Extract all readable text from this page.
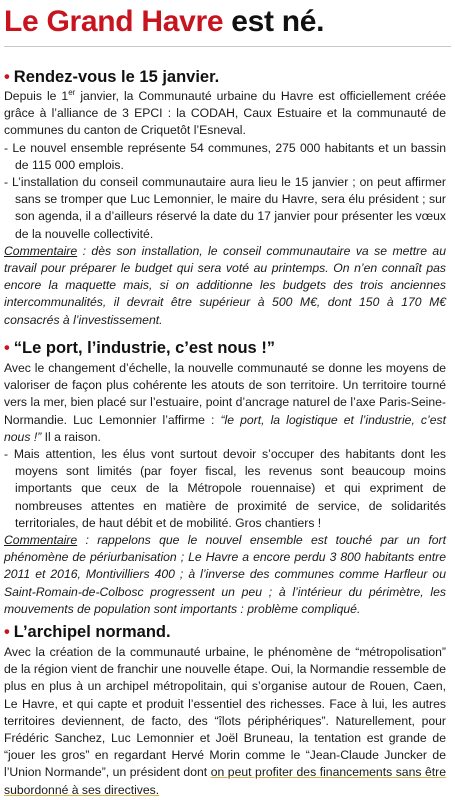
Le Grand Havre est né.
• Rendez-vous le 15 janvier.

Depuis le 1er janvier, la Communauté urbaine du Havre est officiellement créée grâce à l’alliance de 3 EPCI : la CODAH, Caux Estuaire et la communauté de communes du canton de Criquetôt l’Esneval.

- Le nouvel ensemble représente 54 communes, 275 000 habitants et un bassin de 115 000 emplois.

- L’installation du conseil communautaire aura lieu le 15 janvier ; on peut affirmer sans se tromper que Luc Lemonnier, le maire du Havre, sera élu président ; sur son agenda, il a d’ailleurs réservé la date du 17 janvier pour présenter les vœux de la nouvelle collectivité.

Commentaire : dès son installation, le conseil communautaire va se mettre au travail pour préparer le budget qui sera voté au printemps. On n’en connaît pas encore la maquette mais, si on additionne les budgets des trois anciennes intercommunalités, il devrait être supérieur à 500 M€, dont 150 à 170 M€ consacrés à l’investissement.

• “Le port, l’industrie, c’est nous !”

Avec le changement d’échelle, la nouvelle communauté se donne les moyens de valoriser de façon plus cohérente les atouts de son territoire. Un territoire tourné vers la mer, bien placé sur l’estuaire, point d’ancrage naturel de l’axe Paris-Seine-Normandie. Luc Lemonnier l’affirme : “le port, la logistique et l’industrie, c’est nous !” Il a raison.

- Mais attention, les élus vont surtout devoir s’occuper des habitants dont les moyens sont limités (par foyer fiscal, les revenus sont beaucoup moins importants que ceux de la Métropole rouennaise) et qui expriment de nombreuses attentes en matière de proximité de service, de solidarités territoriales, de haut débit et de mobilité. Gros chantiers !

Commentaire : rappelons que le nouvel ensemble est touché par un fort phénomène de périurbanisation ; Le Havre a encore perdu 3 800 habitants entre 2011 et 2016, Montivilliers 400 ; à l’inverse des communes comme Harfleur ou Saint-Romain-de-Colbosc progressent un peu ; à l’intérieur du périmètre, les mouvements de population sont importants : problème compliqué.

• L’archipel normand.

Avec la création de la communauté urbaine, le phénomène de “métropolisation” de la région vient de franchir une nouvelle étape. Oui, la Normandie ressemble de plus en plus à un archipel métropolitain, qui s’organise autour de Rouen, Caen, Le Havre, et qui capte et produit l’essentiel des richesses. Face à lui, les autres territoires deviennent, de facto, des “îlots périphériques”. Naturellement, pour Frédéric Sanchez, Luc Lemonnier et Joël Bruneau, la tentation est grande de “jouer les gros” en regardant Hervé Morin comme le “Jean-Claude Juncker de l’Union Normande”, un président dont on peut profiter des financements sans être subordonné à ses directives.
